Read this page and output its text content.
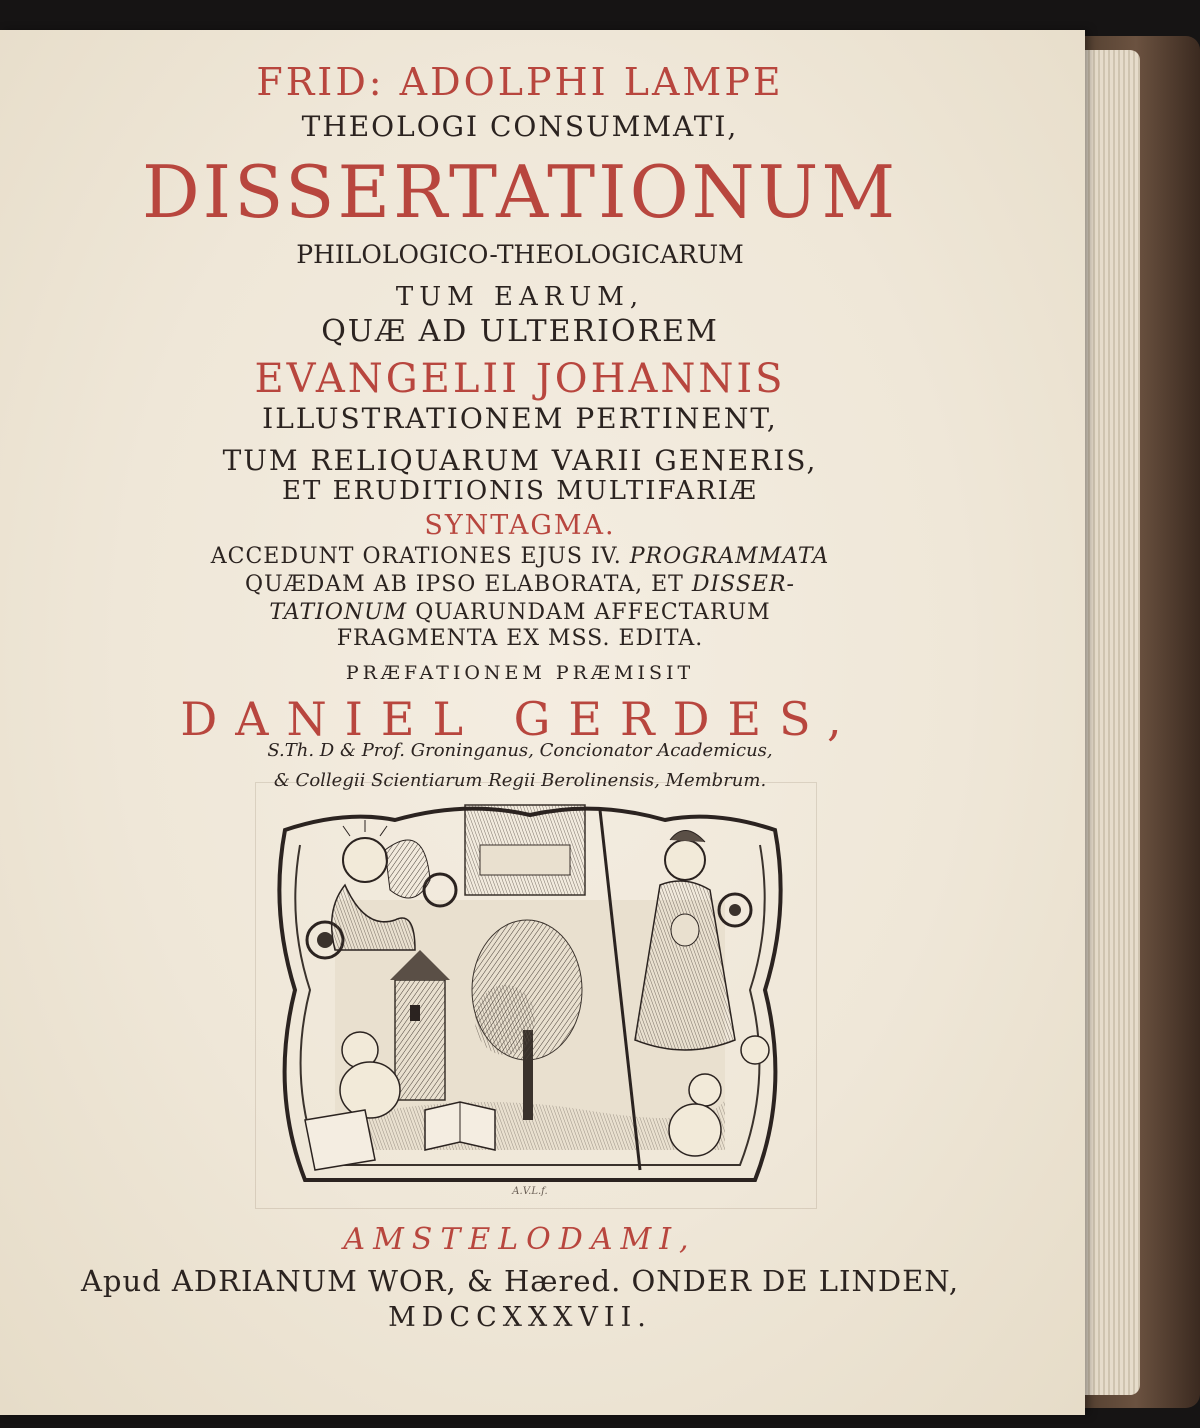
FRID: ADOLPHI LAMPE
THEOLOGI CONSUMMATI,
DISSERTATIONUM
PHILOLOGICO-THEOLOGICARUM
TUM EARUM,
QUÆ AD ULTERIOREM
EVANGELII JOHANNIS
ILLUSTRATIONEM PERTINENT,
TUM RELIQUARUM VARII GENERIS,
ET ERUDITIONIS MULTIFARIÆ
SYNTAGMA.
ACCEDUNT ORATIONES EJUS IV. PROGRAMMATA
QUÆDAM AB IPSO ELABORATA, ET DISSER-
TATIONUM QUARUNDAM AFFECTARUM
FRAGMENTA EX MSS. EDITA.
PRÆFATIONEM PRÆMISIT
DANIEL GERDES,
S.Th. D & Prof. Groninganus, Concionator Academicus,
& Collegii Scientiarum Regii Berolinensis, Membrum.
A.V.L.f.
AMSTELODAMI,
Apud ADRIANUM WOR, & Hæred. ONDER DE LINDEN,
MDCCXXXVII.
